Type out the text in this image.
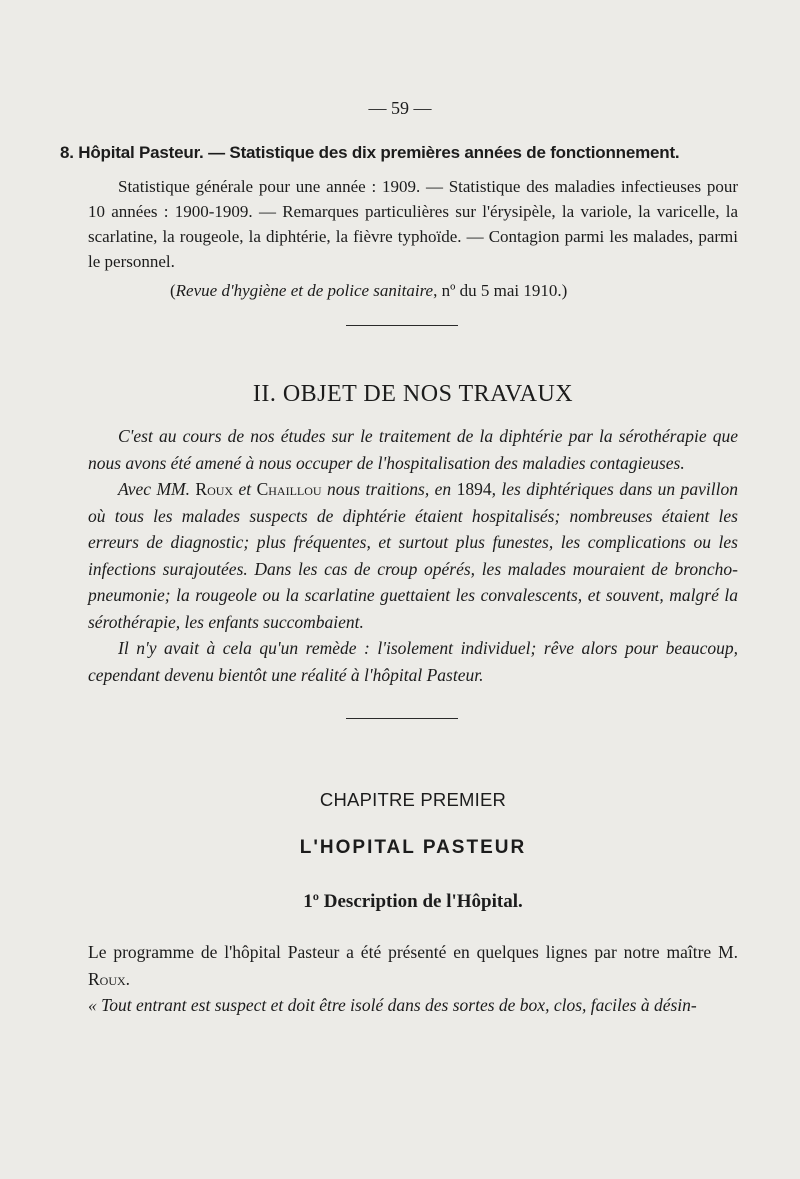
— 59 —

8. Hôpital Pasteur. — Statistique des dix premières années de fonctionnement.

Statistique générale pour une année : 1909. — Statistique des maladies infectieuses pour 10 années : 1900-1909. — Remarques particulières sur l'érysipèle, la variole, la varicelle, la scarlatine, la rougeole, la diphtérie, la fièvre typhoïde. — Contagion parmi les malades, parmi le personnel.

(Revue d'hygiène et de police sanitaire, nº du 5 mai 1910.)

II. OBJET DE NOS TRAVAUX

C'est au cours de nos études sur le traitement de la diphtérie par la sérothérapie que nous avons été amené à nous occuper de l'hospitalisation des maladies contagieuses.

Avec MM. Roux et Chaillou nous traitions, en 1894, les diphtériques dans un pavillon où tous les malades suspects de diphtérie étaient hospitalisés; nombreuses étaient les erreurs de diagnostic; plus fréquentes, et surtout plus funestes, les complications ou les infections surajoutées. Dans les cas de croup opérés, les malades mouraient de broncho-pneumonie; la rougeole ou la scarlatine guettaient les convalescents, et souvent, malgré la sérothérapie, les enfants succombaient.

Il n'y avait à cela qu'un remède : l'isolement individuel; rêve alors pour beaucoup, cependant devenu bientôt une réalité à l'hôpital Pasteur.

CHAPITRE PREMIER
L'HOPITAL PASTEUR
1º Description de l'Hôpital.

Le programme de l'hôpital Pasteur a été présenté en quelques lignes par notre maître M. Roux.

« Tout entrant est suspect et doit être isolé dans des sortes de box, clos, faciles à désin-
